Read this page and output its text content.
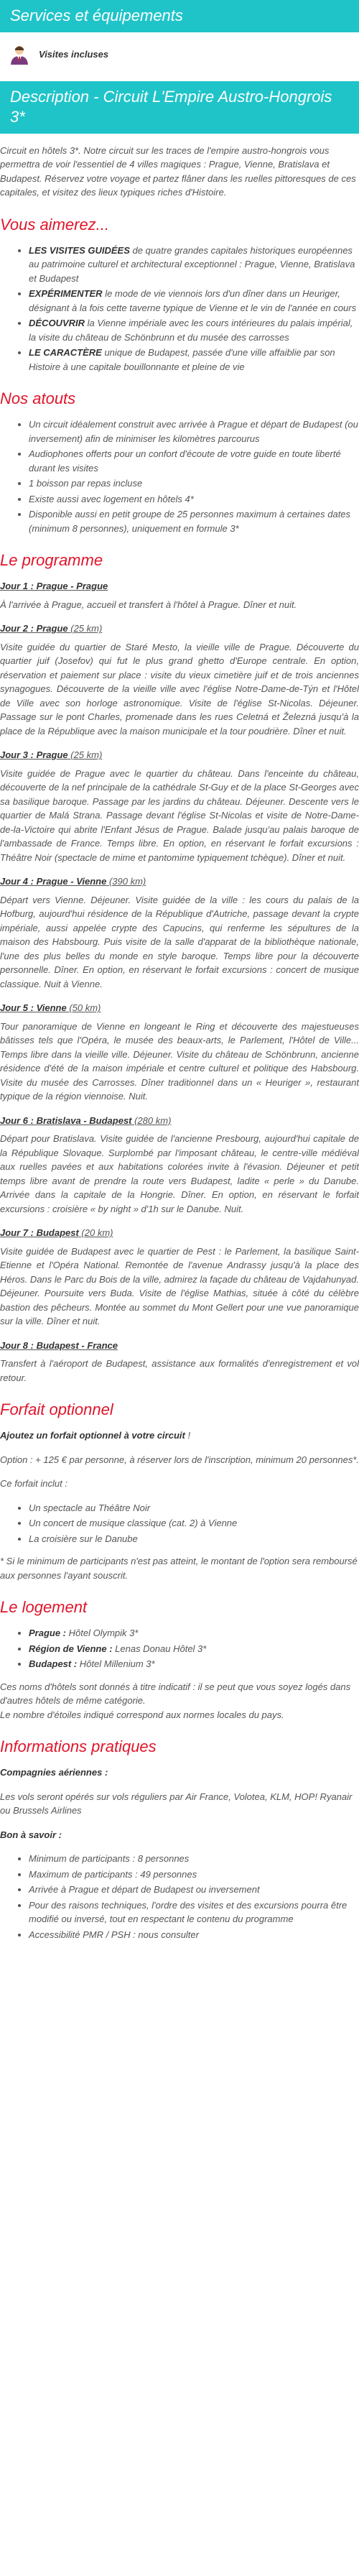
Services et équipements
Visites incluses
Description - Circuit L'Empire Austro-Hongrois 3*

Circuit en hôtels 3*. Notre circuit sur les traces de l'empire austro-hongrois vous permettra de voir l'essentiel de 4 villes magiques : Prague, Vienne, Bratislava et Budapest. Réservez votre voyage et partez flâner dans les ruelles pittoresques de ces capitales, et visitez des lieux typiques riches d'Histoire.

Vous aimerez...
• LES VISITES GUIDÉES de quatre grandes capitales historiques européennes au patrimoine culturel et architectural exceptionnel : Prague, Vienne, Bratislava et Budapest
• EXPÉRIMENTER le mode de vie viennois lors d'un dîner dans un Heuriger, désignant à la fois cette taverne typique de Vienne et le vin de l'année en cours
• DÉCOUVRIR la Vienne impériale avec les cours intérieures du palais impérial, la visite du château de Schönbrunn et du musée des carrosses
• LE CARACTÈRE unique de Budapest, passée d'une ville affaiblie par son Histoire à une capitale bouillonnante et pleine de vie
Nos atouts
• Un circuit idéalement construit avec arrivée à Prague et départ de Budapest (ou inversement) afin de minimiser les kilomètres parcourus
• Audiophones offerts pour un confort d'écoute de votre guide en toute liberté durant les visites
• 1 boisson par repas incluse
• Existe aussi avec logement en hôtels 4*
• Disponible aussi en petit groupe de 25 personnes maximum à certaines dates (minimum 8 personnes), uniquement en formule 3*
Le programme

Jour 1 : Prague - Prague

À l'arrivée à Prague, accueil et transfert à l'hôtel à Prague. Dîner et nuit.

Jour 2 : Prague (25 km)

Visite guidée du quartier de Staré Mesto, la vieille ville de Prague. Découverte du quartier juif (Josefov) qui fut le plus grand ghetto d'Europe centrale. En option, réservation et paiement sur place : visite du vieux cimetière juif et de trois anciennes synagogues. Découverte de la vieille ville avec l'église Notre-Dame-de-Týn et l'Hôtel de Ville avec son horloge astronomique. Visite de l'église St-Nicolas. Déjeuner. Passage sur le pont Charles, promenade dans les rues Celetná et Železná jusqu'à la place de la République avec la maison municipale et la tour poudrière. Dîner et nuit.

Jour 3 : Prague (25 km)

Visite guidée de Prague avec le quartier du château. Dans l'enceinte du château, découverte de la nef principale de la cathédrale St-Guy et de la place St-Georges avec sa basilique baroque. Passage par les jardins du château. Déjeuner. Descente vers le quartier de Malá Strana. Passage devant l'église St-Nicolas et visite de Notre-Dame-de-la-Victoire qui abrite l'Enfant Jésus de Prague. Balade jusqu'au palais baroque de l'ambassade de France. Temps libre. En option, en réservant le forfait excursions : Théâtre Noir (spectacle de mime et pantomime typiquement tchèque). Dîner et nuit.

Jour 4 : Prague - Vienne (390 km)

Départ vers Vienne. Déjeuner. Visite guidée de la ville : les cours du palais de la Hofburg, aujourd'hui résidence de la République d'Autriche, passage devant la crypte impériale, aussi appelée crypte des Capucins, qui renferme les sépultures de la maison des Habsbourg. Puis visite de la salle d'apparat de la bibliothèque nationale, l'une des plus belles du monde en style baroque. Temps libre pour la découverte personnelle. Dîner. En option, en réservant le forfait excursions : concert de musique classique. Nuit à Vienne.

Jour 5 : Vienne (50 km)

Tour panoramique de Vienne en longeant le Ring et découverte des majestueuses bâtisses tels que l'Opéra, le musée des beaux-arts, le Parlement, l'Hôtel de Ville... Temps libre dans la vieille ville. Déjeuner. Visite du château de Schönbrunn, ancienne résidence d'été de la maison impériale et centre culturel et politique des Habsbourg. Visite du musée des Carrosses. Dîner traditionnel dans un « Heuriger », restaurant typique de la région viennoise. Nuit.

Jour 6 : Bratislava - Budapest (280 km)

Départ pour Bratislava. Visite guidée de l'ancienne Presbourg, aujourd'hui capitale de la République Slovaque. Surplombé par l'imposant château, le centre-ville médiéval aux ruelles pavées et aux habitations colorées invite à l'évasion. Déjeuner et petit temps libre avant de prendre la route vers Budapest, ladite « perle » du Danube. Arrivée dans la capitale de la Hongrie. Dîner. En option, en réservant le forfait excursions : croisière « by night » d'1h sur le Danube. Nuit.

Jour 7 : Budapest (20 km)

Visite guidée de Budapest avec le quartier de Pest : le Parlement, la basilique Saint-Etienne et l'Opéra National. Remontée de l'avenue Andrassy jusqu'à la place des Héros. Dans le Parc du Bois de la ville, admirez la façade du château de Vajdahunyad. Déjeuner. Poursuite vers Buda. Visite de l'église Mathias, située à côté du célèbre bastion des pêcheurs. Montée au sommet du Mont Gellert pour une vue panoramique sur la ville. Dîner et nuit.

Jour 8 : Budapest - France

Transfert à l'aéroport de Budapest, assistance aux formalités d'enregistrement et vol retour.

Forfait optionnel

Ajoutez un forfait optionnel à votre circuit !

Option : + 125 € par personne, à réserver lors de l'inscription, minimum 20 personnes*.

Ce forfait inclut :

• Un spectacle au Théâtre Noir
• Un concert de musique classique (cat. 2) à Vienne
• La croisière sur le Danube

* Si le minimum de participants n'est pas atteint, le montant de l'option sera remboursé aux personnes l'ayant souscrit.

Le logement
• Prague : Hôtel Olympik 3*
• Région de Vienne : Lenas Donau Hôtel 3*
• Budapest : Hôtel Millenium 3*

Ces noms d'hôtels sont donnés à titre indicatif : il se peut que vous soyez logés dans d'autres hôtels de même catégorie.

Le nombre d'étoiles indiqué correspond aux normes locales du pays.

Informations pratiques

Compagnies aériennes :

Les vols seront opérés sur vols réguliers par Air France, Volotea, KLM, HOP! Ryanair ou Brussels Airlines

Bon à savoir :

• Minimum de participants : 8 personnes
• Maximum de participants : 49 personnes
• Arrivée à Prague et départ de Budapest ou inversement
• Pour des raisons techniques, l'ordre des visites et des excursions pourra être modifié ou inversé, tout en respectant le contenu du programme
• Accessibilité PMR / PSH : nous consulter
